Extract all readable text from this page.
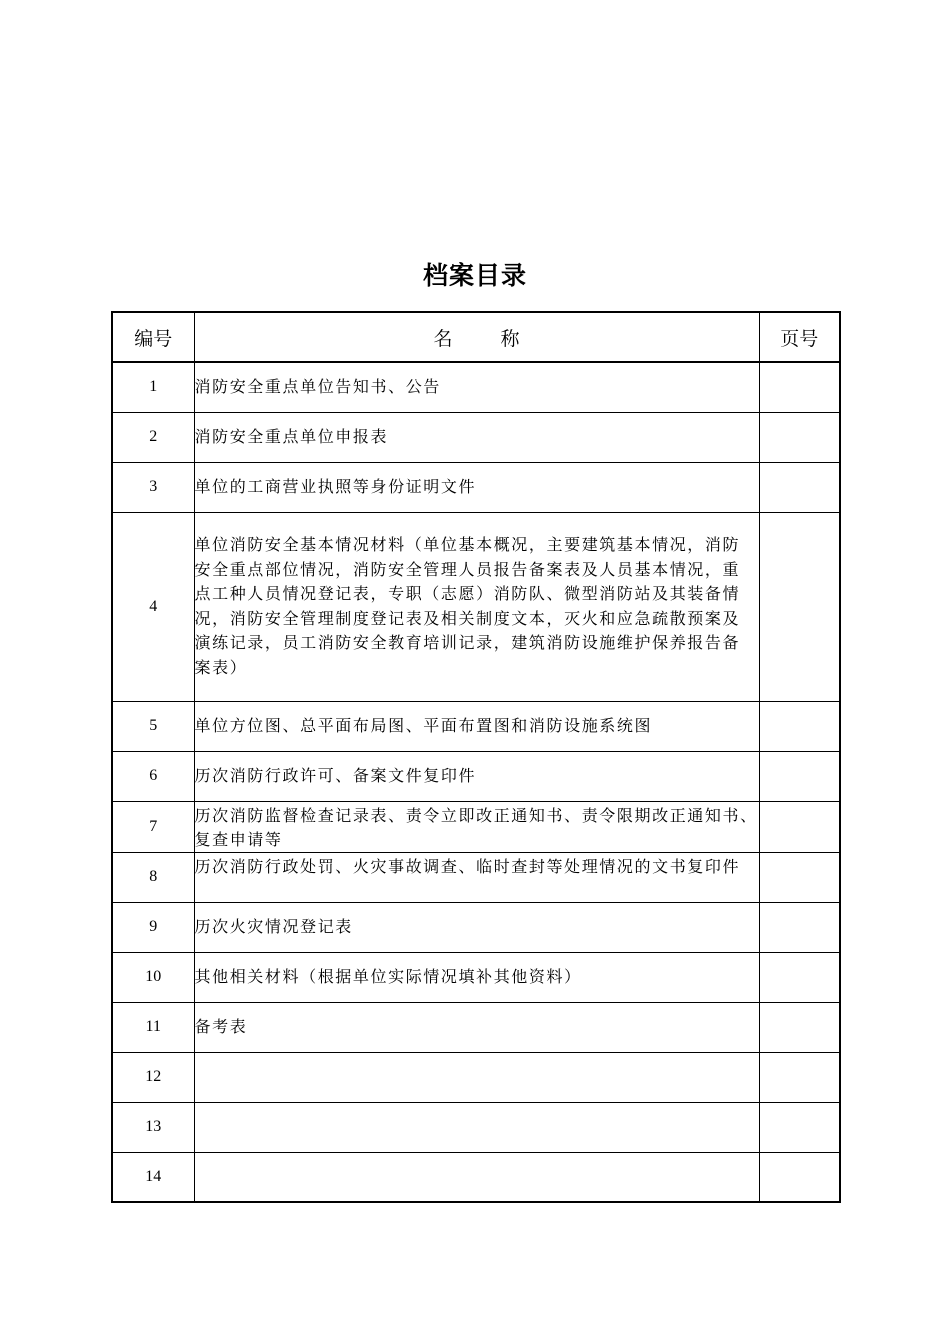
档案目录
编号	名称	页号
1	消防安全重点单位告知书、公告	
2	消防安全重点单位申报表	
3	单位的工商营业执照等身份证明文件	
4	单位消防安全基本情况材料（单位基本概况，主要建筑基本情况，消防安全重点部位情况，消防安全管理人员报告备案表及人员基本情况，重点工种人员情况登记表，专职（志愿）消防队、微型消防站及其装备情况，消防安全管理制度登记表及相关制度文本，灭火和应急疏散预案及演练记录，员工消防安全教育培训记录，建筑消防设施维护保养报告备案表）	
5	单位方位图、总平面布局图、平面布置图和消防设施系统图	
6	历次消防行政许可、备案文件复印件	
7	历次消防监督检查记录表、责令立即改正通知书、责令限期改正通知书、复查申请等	
8	历次消防行政处罚、火灾事故调查、临时查封等处理情况的文书复印件	
9	历次火灾情况登记表	
10	其他相关材料（根据单位实际情况填补其他资料）	
11	备考表	
12		
13		
14		
